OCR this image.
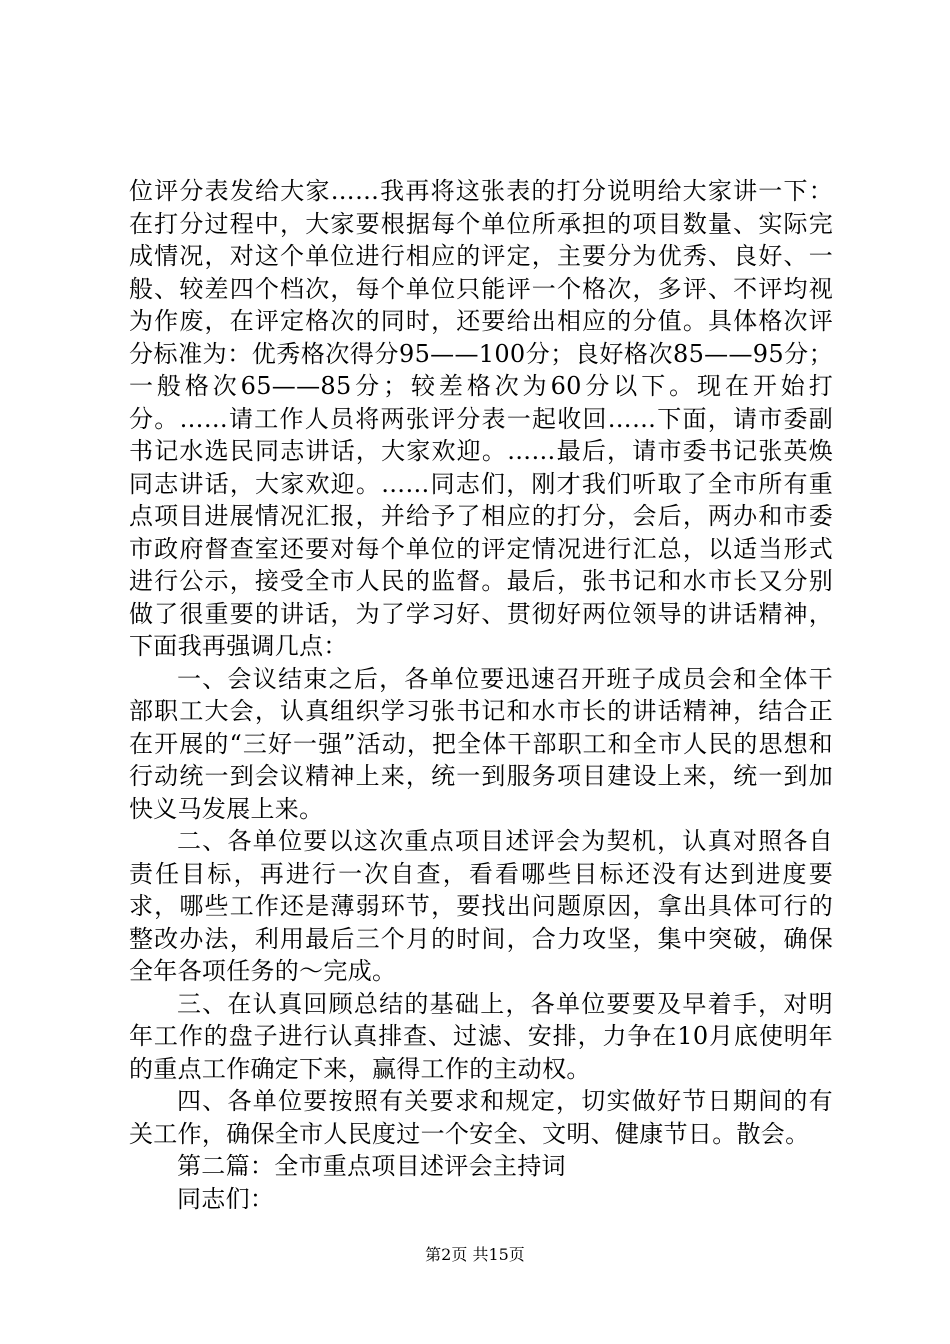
位评分表发给大家……我再将这张表的打分说明给大家讲一下：在打分过程中，大家要根据每个单位所承担的项目数量、实际完成情况，对这个单位进行相应的评定，主要分为优秀、良好、一般、较差四个档次，每个单位只能评一个格次，多评、不评均视为作废，在评定格次的同时，还要给出相应的分值。具体格次评分标准为：优秀格次得分95——100分；良好格次85——95分；一般格次65——85分；较差格次为60分以下。现在开始打分。……请工作人员将两张评分表一起收回……下面，请市委副书记水选民同志讲话，大家欢迎。……最后，请市委书记张英焕同志讲话，大家欢迎。……同志们，刚才我们听取了全市所有重点项目进展情况汇报，并给予了相应的打分，会后，两办和市委市政府督查室还要对每个单位的评定情况进行汇总，以适当形式进行公示，接受全市人民的监督。最后，张书记和水市长又分别做了很重要的讲话，为了学习好、贯彻好两位领导的讲话精神，下面我再强调几点：

一、会议结束之后，各单位要迅速召开班子成员会和全体干部职工大会，认真组织学习张书记和水市长的讲话精神，结合正在开展的“三好一强”活动，把全体干部职工和全市人民的思想和行动统一到会议精神上来，统一到服务项目建设上来，统一到加快义马发展上来。

二、各单位要以这次重点项目述评会为契机，认真对照各自责任目标，再进行一次自查，看看哪些目标还没有达到进度要求，哪些工作还是薄弱环节，要找出问题原因，拿出具体可行的整改办法，利用最后三个月的时间，合力攻坚，集中突破，确保全年各项任务的～完成。

三、在认真回顾总结的基础上，各单位要要及早着手，对明年工作的盘子进行认真排查、过滤、安排，力争在10月底使明年的重点工作确定下来，赢得工作的主动权。

四、各单位要按照有关要求和规定，切实做好节日期间的有关工作，确保全市人民度过一个安全、文明、健康节日。散会。

第二篇：全市重点项目述评会主持词

同志们：

第2页 共15页
